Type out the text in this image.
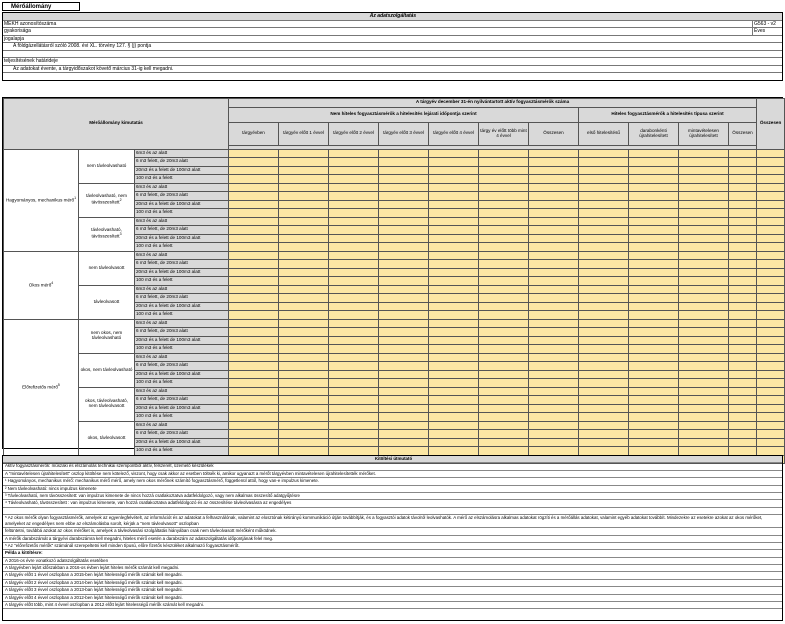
Mérőállomány
Az adatszolgáltatás
MEKH azonosítószáma	G563 - v2
gyakorisága	Éves
jogalapja
A földgázellátásról szóló 2008. évi XL. törvény 127. § (j) pontja
teljesítésének határideje
Az adatokat évente, a tárgyidőszakot követő március 31-ig kell megadni.
Mérőállomány kimutatás			A tárgyév december 31-én nyilvántartott aktív fogyasztásmérők száma											Összesen
			Nem hiteles fogyasztásmérők a hitelesítés lejárati időpontja szerint							Hiteles fogyasztásmérők a hitelesítés típusa szerint				
			tárgyévben	tárgyév előtt 1 évvel	tárgyév előtt 2 évvel	tárgyév előtt 3 évvel	tárgyév előtt 4 évvel	tárgy év előtt több mint 4 évvel	Összesen	első hitelesítésű	darabonkénti újrahitelesített	mintavételesen újrahitelesített	Összesen	

Hagyományos, mechanikus mérő$^1$	nem távleolvasható	6m3 és az alatt												
		6 m3 felett, de 20m3 alatt												
		20m3 és a felett de 100m3 alatt												
		100 m3 és a felett												
	távleolvasható, nem távösszesített$^2$	6m3 és az alatt												
		6 m3 felett, de 20m3 alatt												
		20m3 és a felett de 100m3 alatt												
		100 m3 és a felett												
	távleolvasható, távösszesített$^3$	6m3 és az alatt												
		6 m3 felett, de 20m3 alatt												
		20m3 és a felett de 100m3 alatt												
		100 m3 és a felett												
Okos mérő$^4$	nem távleolvasott	6m3 és az alatt												
		6 m3 felett, de 20m3 alatt												
		20m3 és a felett de 100m3 alatt												
		100 m3 és a felett												
	távleolvasott	6m3 és az alatt												
		6 m3 felett, de 20m3 alatt												
		20m3 és a felett de 100m3 alatt												
		100 m3 és a felett												
Előrefizetős mérő$^5$	nem okos, nem távleolvasható	6m3 és az alatt												
		6 m3 felett, de 20m3 alatt												
		20m3 és a felett de 100m3 alatt												
		100 m3 és a felett												
	okos, nem távleolvasható	6m3 és az alatt												
		6 m3 felett, de 20m3 alatt												
		20m3 és a felett de 100m3 alatt												
		100 m3 és a felett												
	okos, távleolvasható, nem távleolvasott	6m3 és az alatt												
		6 m3 felett, de 20m3 alatt												
		20m3 és a felett de 100m3 alatt												
		100 m3 és a felett												
	okos, távleolvasott	6m3 és az alatt												
		6 m3 felett, de 20m3 alatt												
		20m3 és a felett de 100m3 alatt												
		100 m3 és a felett												

Kitöltési útmutató
Aktív fogyasztásmérők: műszaki és elszámolás technikai szempontból aktív, felszerelt, üzemelő készülékek
A "mintavételesen újrahitelesített" oszlop kitöltése nem kötelező, viszont, hogy csak akkor az esetben töltsék ki, amikor ugyanazt a mérőt tárgyévben mintavételesen újrahitelesítették mérőket.
¹ Hagyományos, mechanikus mérő: mechanikus mérő mérő, amely nem okos mérőnek számító fogyasztásmérő, függetlenül attól, hogy van-e impulzus kimenete.
² Nem távleolvasható: nincs impulzus kimenete
³ Távleolvasható, nem távösszesített: van impulzus kimenete de nincs hozzá csatlakoztatva adatfeldolgozó, vagy nem alkalmas összesítő adatgyűjtésre
⁴ Távleolvasható, távösszesített : van impulzus kimenete, van hozzá csatlakoztatva adatfeldolgozó és az összesítése távleolvasásra az engedélyes
⁵ Az okos mérők olyan fogyasztásmérők, amelyek az egyenlegfelvételt, az információt és az adatokat a felhasználónak, valamint az elosztónak kétirányú kommunikáció útján továbbítják, és a fogyasztói adatok távolról leolvashatók. A mérő az elszámolásra alkalmas adatokat rögzíti és a mérőállás adatokat, valamint egyéb adatokat továbbít. Mindezekre az esetekre azokat az okos mérőket, amelyeket az engedélyes nem ebbe az elszámolásba sorolt, kérjük a "nem távleolvasott" oszlopban
feltüntetni, továbbá azokat az okos mérőket is, amelyek a távleolvasási szolgáltatás hiányában csak nem távleolvasott mérőként működnek.
A mérők darabszámát a tárgyévi darabszámra kell megadni, hiteles mérő esetén a darabszám az adatszolgáltatás időpontjának felel meg.
⁵ Az "előrefizetős mérők" számánál szerepeltetni kell minden típusú, előre fizetős készüléket alkalmazó fogyasztásmérőt.
Példa a kitöltésre:
A 2016-os évre vonatkozó adatszolgáltatás esetében
A tárgyévben lejárt időszakban a 2016-os évben lejárt hiteles mérők számát kell megadni.
A tárgyév előtt 1 évvel oszlopban a 2015-ben lejárt hitelességű mérők számát kell megadni.
A tárgyév előtt 2 évvel oszlopban a 2014-ben lejárt hitelességű mérők számát kell megadni.
A tárgyév előtt 3 évvel oszlopban a 2013-ban lejárt hitelességű mérők számát kell megadni.
A tárgyév előtt 4 évvel oszlopban a 2012-ben lejárt hitelességű mérők számát kell megadni.
A tárgyév előtt több, mint 4 évvel oszlopban a 2012 előtt lejárt hitelességű mérők számát kell megadni.
